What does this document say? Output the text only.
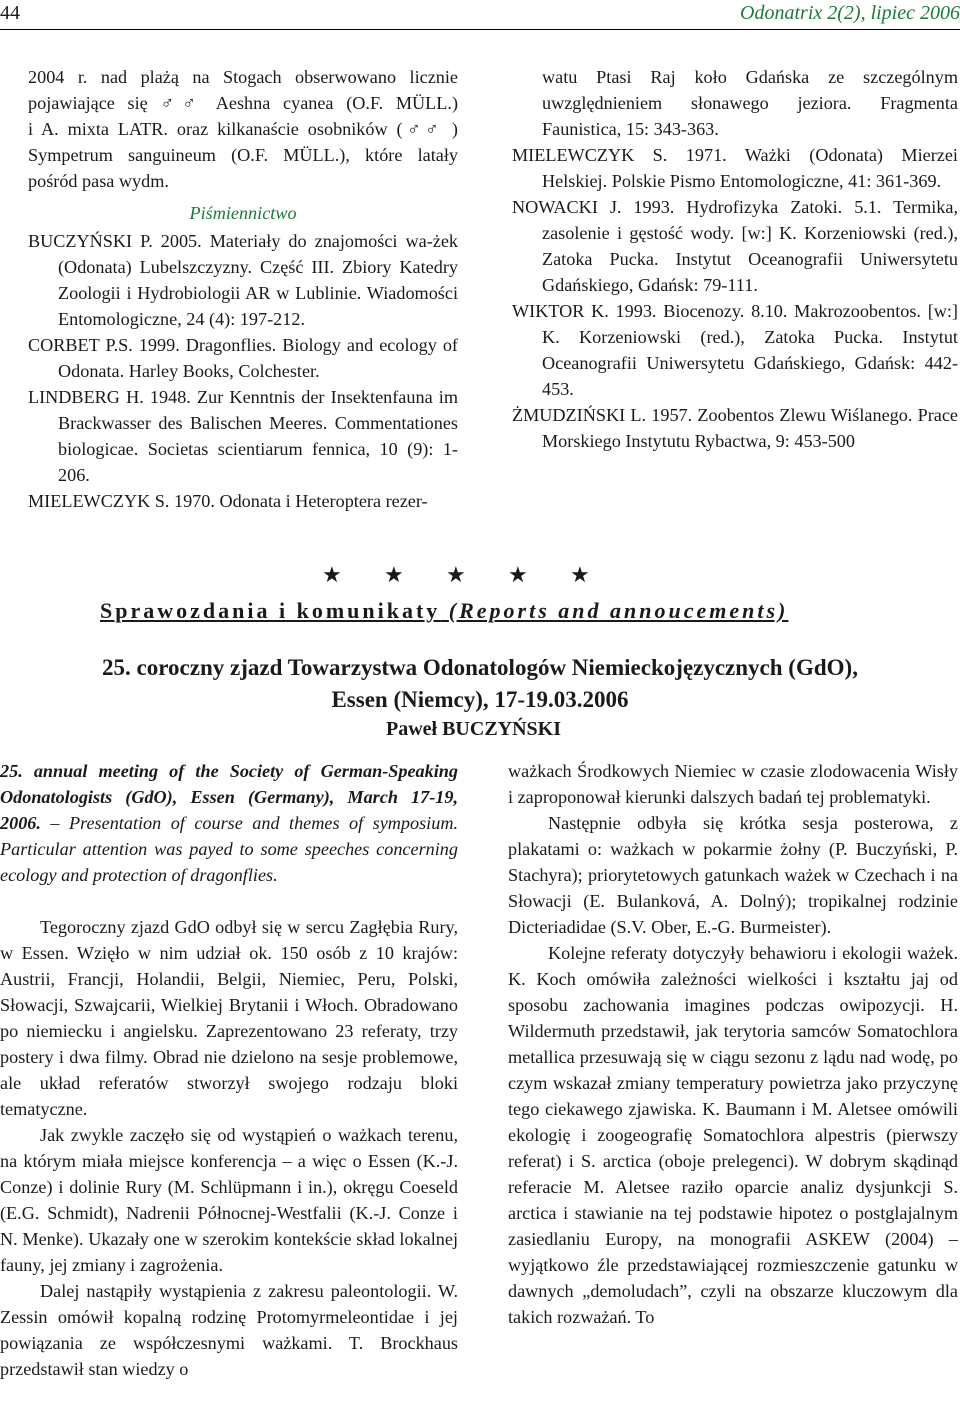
44	Odonatrix 2(2), lipiec 2006
2004 r. nad plażą na Stogach obserwowano licznie
pojawiające się ♂♂ Aeshna cyanea (O.F. MÜLL.)
i A. mixta LATR. oraz kilkanaście osobników (♂♂ )
Sympetrum sanguineum (O.F. MÜLL.), które latały
pośród pasa wydm.
Piśmiennictwo
BUCZYŃSKI P. 2005. Materiały do znajomości wa-żek (Odonata) Lubelszczyzny. Część III. Zbiory Katedry Zoologii i Hydrobiologii AR w Lublinie. Wiadomości Entomologiczne, 24 (4): 197-212.
CORBET P.S. 1999. Dragonflies. Biology and ecology of Odonata. Harley Books, Colchester.
LINDBERG H. 1948. Zur Kenntnis der Insektenfauna im Brackwasser des Balischen Meeres. Commentationes biologicae. Societas scientiarum fennica, 10 (9): 1-206.
MIELEWCZYK S. 1970. Odonata i Heteroptera rezer-
watu Ptasi Raj koło Gdańska ze szczególnym uwzględnieniem słonawego jeziora. Fragmenta Faunistica, 15: 343-363.
MIELEWCZYK S. 1971. Ważki (Odonata) Mierzei Helskiej. Polskie Pismo Entomologiczne, 41: 361-369.
NOWACKI J. 1993. Hydrofizyka Zatoki. 5.1. Termika, zasolenie i gęstość wody. [w:] K. Korzeniowski (red.), Zatoka Pucka. Instytut Oceanografii Uniwersytetu Gdańskiego, Gdańsk: 79-111.
WIKTOR K. 1993. Biocenozy. 8.10. Makrozoobentos. [w:] K. Korzeniowski (red.), Zatoka Pucka. Instytut Oceanografii Uniwersytetu Gdańskiego, Gdańsk: 442-453.
ŻMUDZIŃSKI L. 1957. Zoobentos Zlewu Wiślanego. Prace Morskiego Instytutu Rybactwa, 9: 453-500
★ ★ ★ ★ ★
Sprawozdania i komunikaty (Reports and annoucements)
25. coroczny zjazd Towarzystwa Odonatologów Niemieckojęzycznych (GdO),
Essen (Niemcy), 17-19.03.2006
Paweł BUCZYŃSKI

25. annual meeting of the Society of German-Speaking Odonatologists (GdO), Essen (Germany), March 17-19, 2006. – Presentation of course and themes of symposium. Particular attention was payed to some speeches concerning ecology and protection of dragonflies.

Tegoroczny zjazd GdO odbył się w sercu Zagłębia Rury, w Essen. Wzięło w nim udział ok. 150 osób z 10 krajów: Austrii, Francji, Holandii, Belgii, Niemiec, Peru, Polski, Słowacji, Szwajcarii, Wielkiej Brytanii i Włoch. Obradowano po niemiecku i angielsku. Zaprezentowano 23 referaty, trzy postery i dwa filmy. Obrad nie dzielono na sesje problemowe, ale układ referatów stworzył swojego rodzaju bloki tematyczne.

Jak zwykle zaczęło się od wystąpień o ważkach terenu, na którym miała miejsce konferencja – a więc o Essen (K.-J. Conze) i dolinie Rury (M. Schlüpmann i in.), okręgu Coeseld (E.G. Schmidt), Nadrenii Północnej-Westfalii (K.-J. Conze i N. Menke). Ukazały one w szerokim kontekście skład lokalnej fauny, jej zmiany i zagrożenia.

Dalej nastąpiły wystąpienia z zakresu paleontologii. W. Zessin omówił kopalną rodzinę Protomyrmeleontidae i jej powiązania ze współczesnymi ważkami. T. Brockhaus przedstawił stan wiedzy o

ważkach Środkowych Niemiec w czasie zlodowacenia Wisły i zaproponował kierunki dalszych badań tej problematyki.

Następnie odbyła się krótka sesja posterowa, z plakatami o: ważkach w pokarmie żołny (P. Buczyński, P. Stachyra); priorytetowych gatunkach ważek w Czechach i na Słowacji (E. Bulanková, A. Dolný); tropikalnej rodzinie Dicteriadidae (S.V. Ober, E.-G. Burmeister).

Kolejne referaty dotyczyły behawioru i ekologii ważek. K. Koch omówiła zależności wielkości i kształtu jaj od sposobu zachowania imagines podczas owipozycji. H. Wildermuth przedstawił, jak terytoria samców Somatochlora metallica przesuwają się w ciągu sezonu z lądu nad wodę, po czym wskazał zmiany temperatury powietrza jako przyczynę tego ciekawego zjawiska. K. Baumann i M. Aletsee omówili ekologię i zoogeografię Somatochlora alpestris (pierwszy referat) i S. arctica (oboje prelegenci). W dobrym skądinąd referacie M. Aletsee raziło oparcie analiz dysjunkcji S. arctica i stawianie na tej podstawie hipotez o postglajalnym zasiedlaniu Europy, na monografii ASKEW (2004) – wyjątkowo źle przedstawiającej rozmieszczenie gatunku w dawnych „demoludach”, czyli na obszarze kluczowym dla takich rozważań. To
